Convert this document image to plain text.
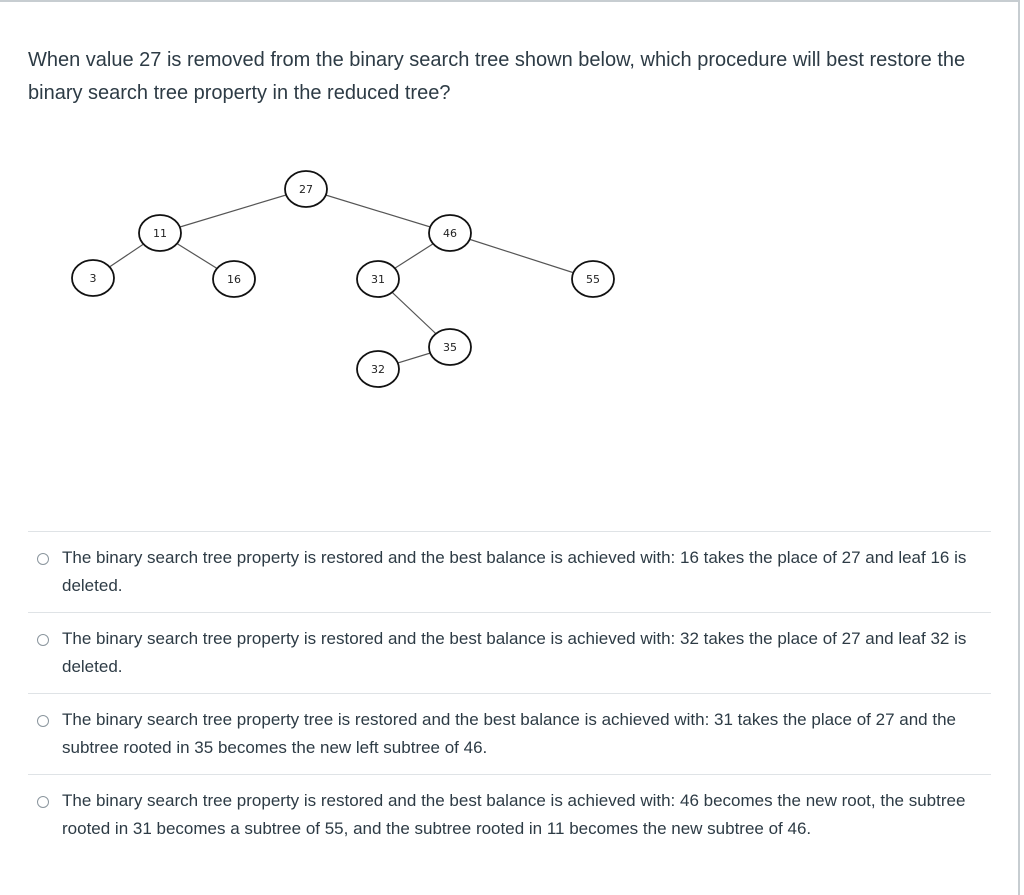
When value 27 is removed from the binary search tree shown below, which procedure will best restore the binary search tree property in the reduced tree?
27
11	46
3	16	31	55
35
32
The binary search tree property is restored and the best balance is achieved with: 16 takes the place of 27 and leaf 16 is deleted.
The binary search tree property is restored and the best balance is achieved with: 32 takes the place of 27 and leaf 32 is deleted.
The binary search tree property tree is restored and the best balance is achieved with: 31 takes the place of 27 and the subtree rooted in 35 becomes the new left subtree of 46.
The binary search tree property is restored and the best balance is achieved with: 46 becomes the new root, the subtree rooted in 31 becomes a subtree of 55, and the subtree rooted in 11 becomes the new subtree of 46.
